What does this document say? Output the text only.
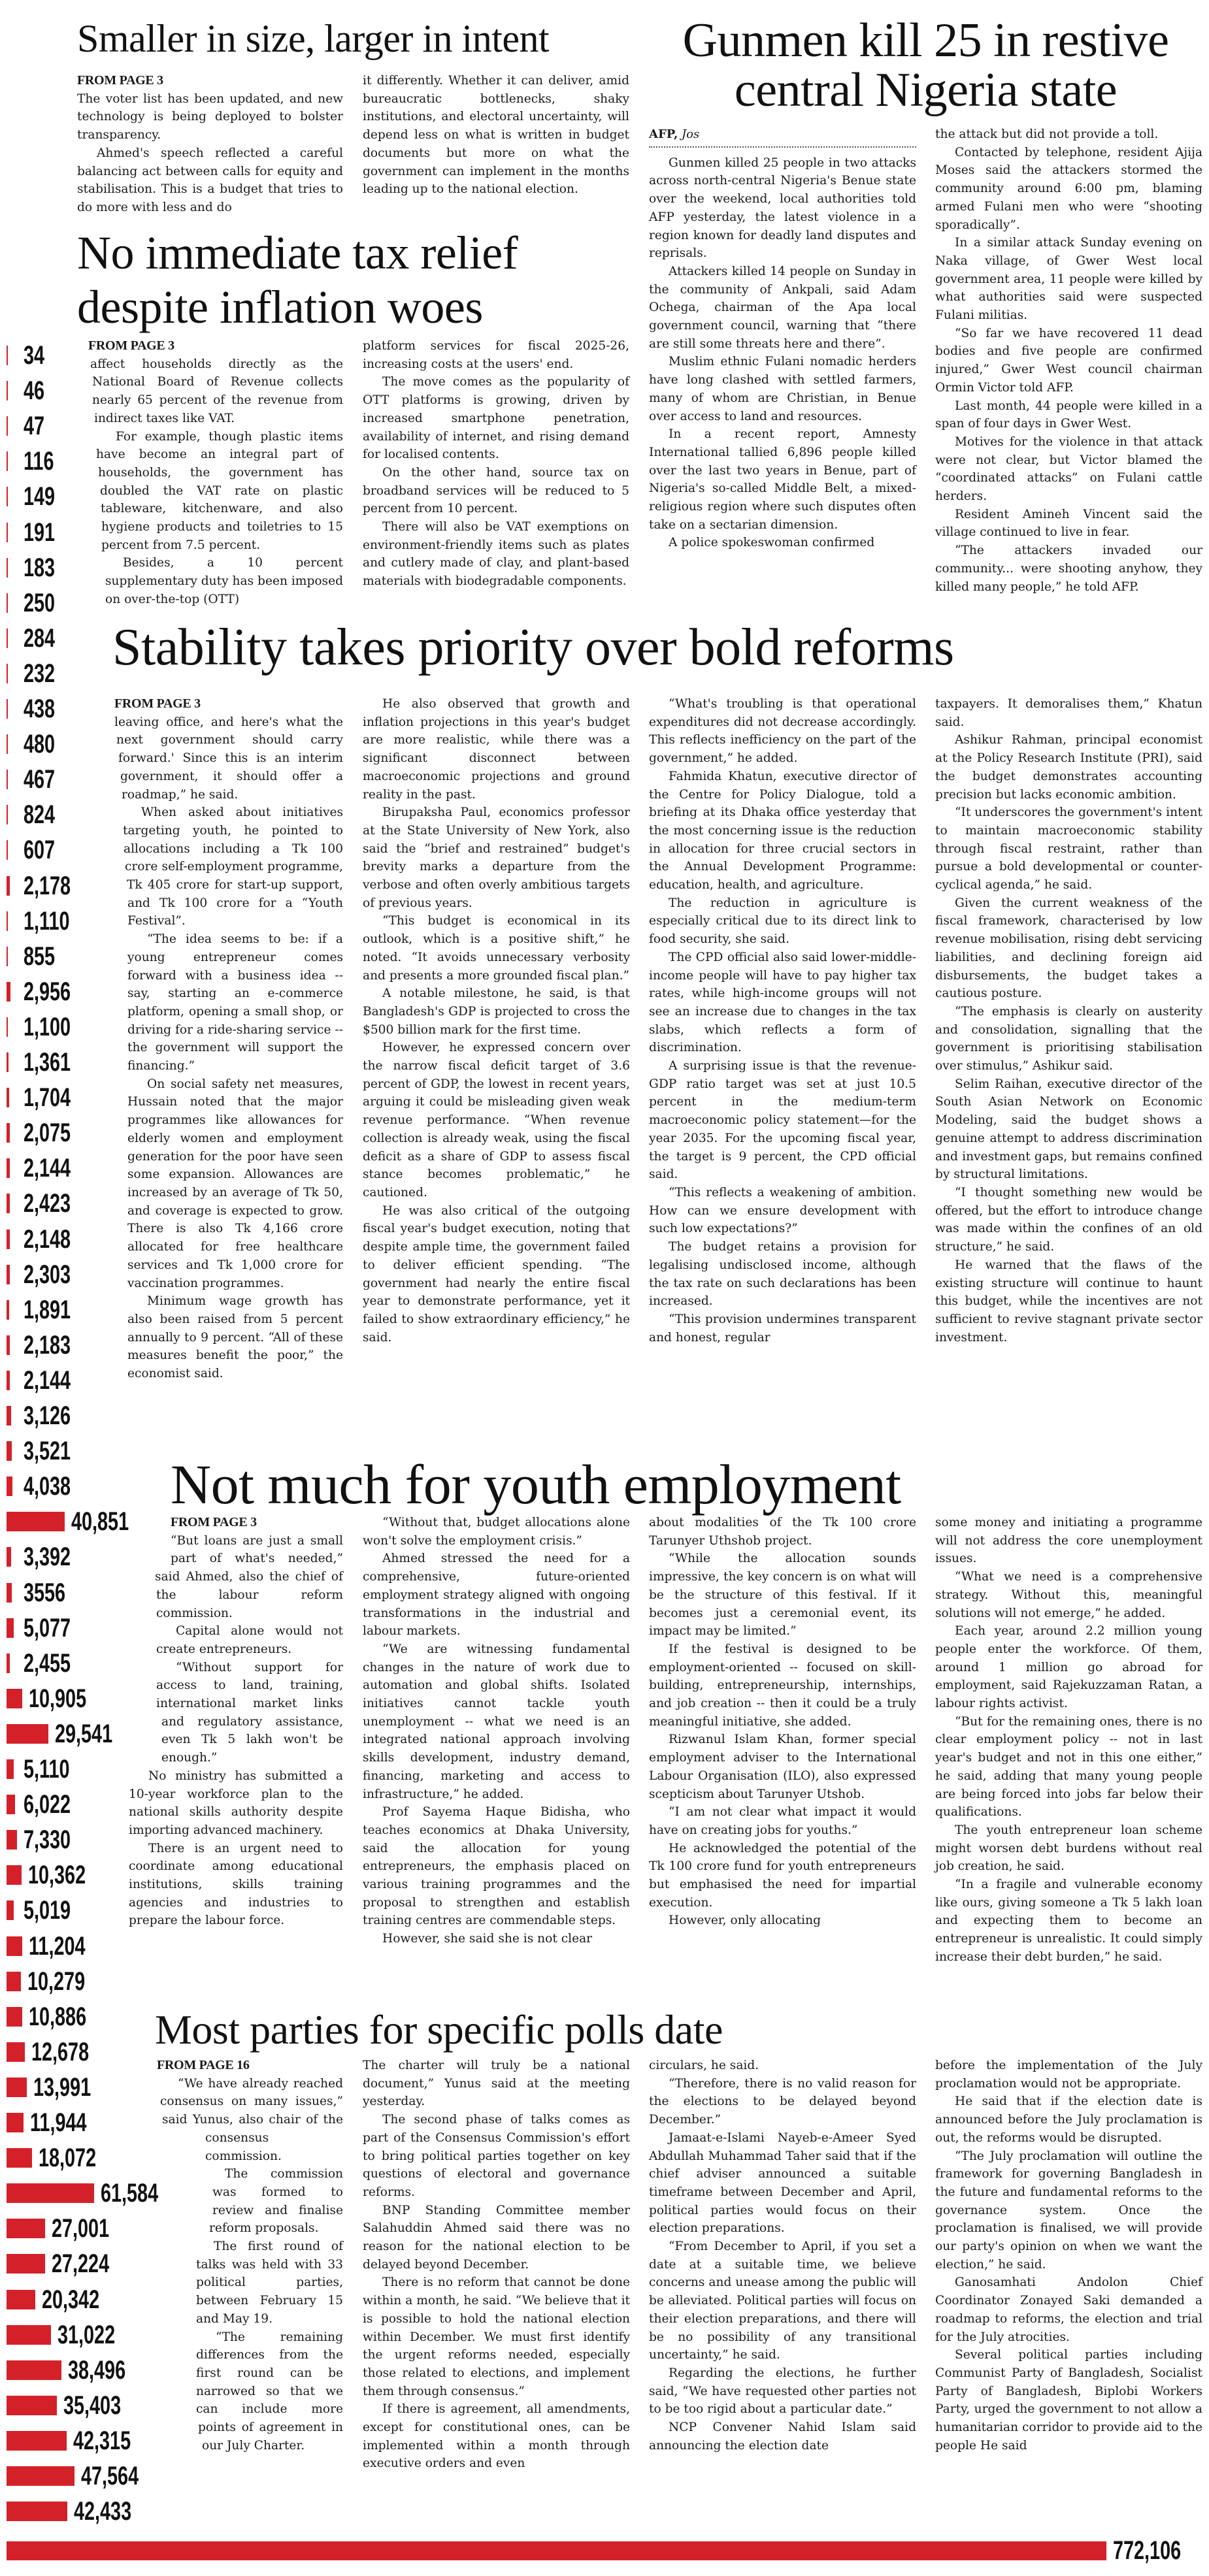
34
46
47
116
149
191
183
250
284
232
438
480
467
824
607
2,178
1,110
855
2,956
1,100
1,361
1,704
2,075
2,144
2,423
2,148
2,303
1,891
2,183
2,144
3,126
3,521
4,038
40,851
3,392
3556
5,077
2,455
10,905
29,541
5,110
6,022
7,330
10,362
5,019
11,204
10,279
10,886
12,678
13,991
11,944
18,072
61,584
27,001
27,224
20,342
31,022
38,496
35,403
42,315
47,564
42,433
772,106
Smaller in size, larger in intent
FROM PAGE 3

The voter list has been updated, and new technology is being deployed to bolster transparency.

Ahmed's speech reflected a careful balancing act between calls for equity and stabilisation. This is a budget that tries to do more with less and do

it differently. Whether it can deliver, amid bureaucratic bottlenecks, shaky institutions, and electoral uncertainty, will depend less on what is written in budget documents but more on what the government can implement in the months leading up to the national election.

Gunmen kill 25 in restive central Nigeria state
AFP, Jos

Gunmen killed 25 people in two attacks across north-central Nigeria's Benue state over the weekend, local authorities told AFP yesterday, the latest violence in a region known for deadly land disputes and reprisals.

Attackers killed 14 people on Sunday in the community of Ankpali, said Adam Ochega, chairman of the Apa local government council, warning that “there are still some threats here and there”.

Muslim ethnic Fulani nomadic herders have long clashed with settled farmers, many of whom are Christian, in Benue over access to land and resources.

In a recent report, Amnesty International tallied 6,896 people killed over the last two years in Benue, part of Nigeria's so-called Middle Belt, a mixed-religious region where such disputes often take on a sectarian dimension.

A police spokeswoman confirmed

the attack but did not provide a toll.

Contacted by telephone, resident Ajija Moses said the attackers stormed the community around 6:00 pm, blaming armed Fulani men who were “shooting sporadically”.

In a similar attack Sunday evening on Naka village, of Gwer West local government area, 11 people were killed by what authorities said were suspected Fulani militias.

“So far we have recovered 11 dead bodies and five people are confirmed injured,” Gwer West council chairman Ormin Victor told AFP.

Last month, 44 people were killed in a span of four days in Gwer West.

Motives for the violence in that attack were not clear, but Victor blamed the “coordinated attacks” on Fulani cattle herders.

Resident Amineh Vincent said the village continued to live in fear.

“The attackers invaded our community... were shooting anyhow, they killed many people,” he told AFP.

No immediate tax relief despite inflation woes
FROM PAGE 3

affect households directly as the National Board of Revenue collects nearly 65 percent of the revenue from indirect taxes like VAT.

For example, though plastic items have become an integral part of households, the government has doubled the VAT rate on plastic tableware, kitchenware, and also hygiene products and toiletries to 15 percent from 7.5 percent.

Besides, a 10 percent supplementary duty has been imposed on over-the-top (OTT)

platform services for fiscal 2025-26, increasing costs at the users' end.

The move comes as the popularity of OTT platforms is growing, driven by increased smartphone penetration, availability of internet, and rising demand for localised contents.

On the other hand, source tax on broadband services will be reduced to 5 percent from 10 percent.

There will also be VAT exemptions on environment-friendly items such as plates and cutlery made of clay, and plant-based materials with biodegradable components.

Stability takes priority over bold reforms
FROM PAGE 3

leaving office, and here's what the next government should carry forward.' Since this is an interim government, it should offer a roadmap,” he said.

When asked about initiatives targeting youth, he pointed to allocations including a Tk 100 crore self-employment programme, Tk 405 crore for start-up support, and Tk 100 crore for a “Youth Festival”.

“The idea seems to be: if a young entrepreneur comes forward with a business idea -- say, starting an e-commerce platform, opening a small shop, or driving for a ride-sharing service -- the government will support the financing.”

On social safety net measures, Hussain noted that the major programmes like allowances for elderly women and employment generation for the poor have seen some expansion. Allowances are increased by an average of Tk 50, and coverage is expected to grow. There is also Tk 4,166 crore allocated for free healthcare services and Tk 1,000 crore for vaccination programmes.

Minimum wage growth has also been raised from 5 percent annually to 9 percent. “All of these measures benefit the poor,” the economist said.

He also observed that growth and inflation projections in this year's budget are more realistic, while there was a significant disconnect between macroeconomic projections and ground reality in the past.

Birupaksha Paul, economics professor at the State University of New York, also said the “brief and restrained” budget's brevity marks a departure from the verbose and often overly ambitious targets of previous years.

“This budget is economical in its outlook, which is a positive shift,” he noted. “It avoids unnecessary verbosity and presents a more grounded fiscal plan.”

A notable milestone, he said, is that Bangladesh's GDP is projected to cross the $500 billion mark for the first time.

However, he expressed concern over the narrow fiscal deficit target of 3.6 percent of GDP, the lowest in recent years, arguing it could be misleading given weak revenue performance. “When revenue collection is already weak, using the fiscal deficit as a share of GDP to assess fiscal stance becomes problematic,” he cautioned.

He was also critical of the outgoing fiscal year's budget execution, noting that despite ample time, the government failed to deliver efficient spending. “The government had nearly the entire fiscal year to demonstrate performance, yet it failed to show extraordinary efficiency,” he said.

“What's troubling is that operational expenditures did not decrease accordingly. This reflects inefficiency on the part of the government,” he added.

Fahmida Khatun, executive director of the Centre for Policy Dialogue, told a briefing at its Dhaka office yesterday that the most concerning issue is the reduction in allocation for three crucial sectors in the Annual Development Programme: education, health, and agriculture.

The reduction in agriculture is especially critical due to its direct link to food security, she said.

The CPD official also said lower-middle-income people will have to pay higher tax rates, while high-income groups will not see an increase due to changes in the tax slabs, which reflects a form of discrimination.

A surprising issue is that the revenue-GDP ratio target was set at just 10.5 percent in the medium-term macroeconomic policy statement—for the year 2035. For the upcoming fiscal year, the target is 9 percent, the CPD official said.

“This reflects a weakening of ambition. How can we ensure development with such low expectations?”

The budget retains a provision for legalising undisclosed income, although the tax rate on such declarations has been increased.

“This provision undermines transparent and honest, regular

taxpayers. It demoralises them,” Khatun said.

Ashikur Rahman, principal economist at the Policy Research Institute (PRI), said the budget demonstrates accounting precision but lacks economic ambition.

“It underscores the government's intent to maintain macroeconomic stability through fiscal restraint, rather than pursue a bold developmental or counter-cyclical agenda,” he said.

Given the current weakness of the fiscal framework, characterised by low revenue mobilisation, rising debt servicing liabilities, and declining foreign aid disbursements, the budget takes a cautious posture.

“The emphasis is clearly on austerity and consolidation, signalling that the government is prioritising stabilisation over stimulus,” Ashikur said.

Selim Raihan, executive director of the South Asian Network on Economic Modeling, said the budget shows a genuine attempt to address discrimination and investment gaps, but remains confined by structural limitations.

“I thought something new would be offered, but the effort to introduce change was made within the confines of an old structure,” he said.

He warned that the flaws of the existing structure will continue to haunt this budget, while the incentives are not sufficient to revive stagnant private sector investment.

Not much for youth employment
FROM PAGE 3

“But loans are just a small part of what's needed,” said Ahmed, also the chief of the labour reform commission.

Capital alone would not create entrepreneurs.

“Without support for access to land, training, international market links and regulatory assistance, even Tk 5 lakh won't be enough.”

No ministry has submitted a 10-year workforce plan to the national skills authority despite importing advanced machinery.

There is an urgent need to coordinate among educational institutions, skills training agencies and industries to prepare the labour force.

“Without that, budget allocations alone won't solve the employment crisis.”

Ahmed stressed the need for a comprehensive, future-oriented employment strategy aligned with ongoing transformations in the industrial and labour markets.

“We are witnessing fundamental changes in the nature of work due to automation and global shifts. Isolated initiatives cannot tackle youth unemployment -- what we need is an integrated national approach involving skills development, industry demand, financing, marketing and access to infrastructure,” he added.

Prof Sayema Haque Bidisha, who teaches economics at Dhaka University, said the allocation for young entrepreneurs, the emphasis placed on various training programmes and the proposal to strengthen and establish training centres are commendable steps.

However, she said she is not clear

about modalities of the Tk 100 crore Tarunyer Uthshob project.

“While the allocation sounds impressive, the key concern is on what will be the structure of this festival. If it becomes just a ceremonial event, its impact may be limited.”

If the festival is designed to be employment-oriented -- focused on skill-building, entrepreneurship, internships, and job creation -- then it could be a truly meaningful initiative, she added.

Rizwanul Islam Khan, former special employment adviser to the International Labour Organisation (ILO), also expressed scepticism about Tarunyer Utshob.

“I am not clear what impact it would have on creating jobs for youths.”

He acknowledged the potential of the Tk 100 crore fund for youth entrepreneurs but emphasised the need for impartial execution.

However, only allocating

some money and initiating a programme will not address the core unemployment issues.

“What we need is a comprehensive strategy. Without this, meaningful solutions will not emerge,” he added.

Each year, around 2.2 million young people enter the workforce. Of them, around 1 million go abroad for employment, said Rajekuzzaman Ratan, a labour rights activist.

“But for the remaining ones, there is no clear employment policy -- not in last year's budget and not in this one either,” he said, adding that many young people are being forced into jobs far below their qualifications.

The youth entrepreneur loan scheme might worsen debt burdens without real job creation, he said.

“In a fragile and vulnerable economy like ours, giving someone a Tk 5 lakh loan and expecting them to become an entrepreneur is unrealistic. It could simply increase their debt burden,” he said.

Most parties for specific polls date
FROM PAGE 16

“We have already reached consensus on many issues,” said Yunus, also chair of the consensus commission.

The commission was formed to review and finalise reform proposals.

The first round of talks was held with 33 political parties, between February 15 and May 19.

“The remaining differences from the first round can be narrowed so that we can include more points of agreement in our July Charter.

The charter will truly be a national document,” Yunus said at the meeting yesterday.

The second phase of talks comes as part of the Consensus Commission's effort to bring political parties together on key questions of electoral and governance reforms.

BNP Standing Committee member Salahuddin Ahmed said there was no reason for the national election to be delayed beyond December.

There is no reform that cannot be done within a month, he said. “We believe that it is possible to hold the national election within December. We must first identify the urgent reforms needed, especially those related to elections, and implement them through consensus.”

If there is agreement, all amendments, except for constitutional ones, can be implemented within a month through executive orders and even

circulars, he said.

“Therefore, there is no valid reason for the elections to be delayed beyond December.”

Jamaat-e-Islami Nayeb-e-Ameer Syed Abdullah Muhammad Taher said that if the chief adviser announced a suitable timeframe between December and April, political parties would focus on their election preparations.

“From December to April, if you set a date at a suitable time, we believe concerns and unease among the public will be alleviated. Political parties will focus on their election preparations, and there will be no possibility of any transitional uncertainty,” he said.

Regarding the elections, he further said, “We have requested other parties not to be too rigid about a particular date.”

NCP Convener Nahid Islam said announcing the election date

before the implementation of the July proclamation would not be appropriate.

He said that if the election date is announced before the July proclamation is out, the reforms would be disrupted.

“The July proclamation will outline the framework for governing Bangladesh in the future and fundamental reforms to the governance system. Once the proclamation is finalised, we will provide our party's opinion on when we want the election,” he said.

Ganosamhati Andolon Chief Coordinator Zonayed Saki demanded a roadmap to reforms, the election and trial for the July atrocities.

Several political parties including Communist Party of Bangladesh, Socialist Party of Bangladesh, Biplobi Workers Party, urged the government to not allow a humanitarian corridor to provide aid to the people He said
